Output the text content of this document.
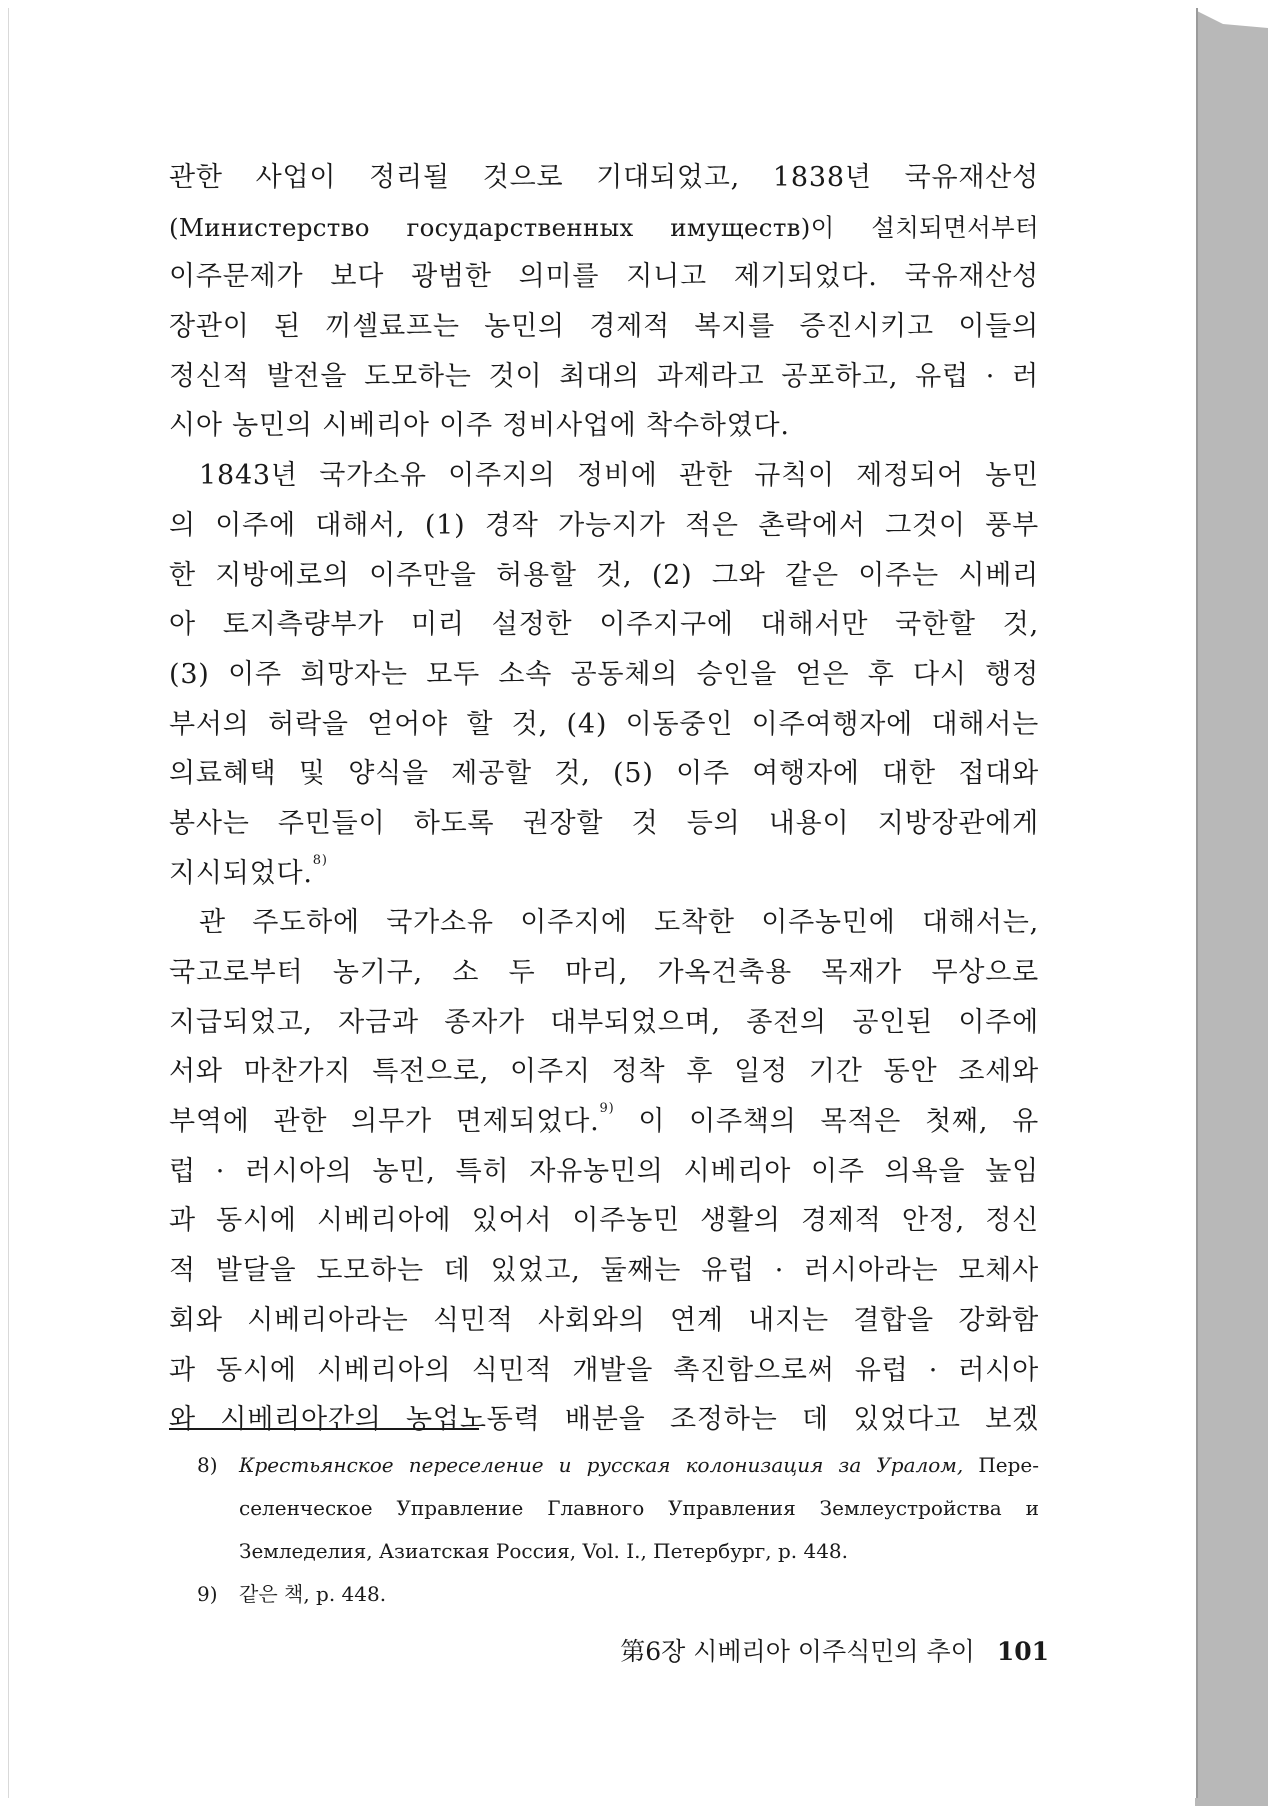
관한 사업이 정리될 것으로 기대되었고, 1838년 국유재산성
(Министерство государственных имуществ)이 설치되면서부터
이주문제가 보다 광범한 의미를 지니고 제기되었다. 국유재산성
장관이 된 끼셀료프는 농민의 경제적 복지를 증진시키고 이들의
정신적 발전을 도모하는 것이 최대의 과제라고 공포하고, 유럽 · 러
시아 농민의 시베리아 이주 정비사업에 착수하였다.
1843년 국가소유 이주지의 정비에 관한 규칙이 제정되어 농민
의 이주에 대해서, (1) 경작 가능지가 적은 촌락에서 그것이 풍부
한 지방에로의 이주만을 허용할 것, (2) 그와 같은 이주는 시베리
아 토지측량부가 미리 설정한 이주지구에 대해서만 국한할 것,
(3) 이주 희망자는 모두 소속 공동체의 승인을 얻은 후 다시 행정
부서의 허락을 얻어야 할 것, (4) 이동중인 이주여행자에 대해서는
의료혜택 및 양식을 제공할 것, (5) 이주 여행자에 대한 접대와
봉사는 주민들이 하도록 권장할 것 등의 내용이 지방장관에게
지시되었다.$^{8)}$
관 주도하에 국가소유 이주지에 도착한 이주농민에 대해서는,
국고로부터 농기구, 소 두 마리, 가옥건축용 목재가 무상으로
지급되었고, 자금과 종자가 대부되었으며, 종전의 공인된 이주에
서와 마찬가지 특전으로, 이주지 정착 후 일정 기간 동안 조세와
부역에 관한 의무가 면제되었다.$^{9)}$ 이 이주책의 목적은 첫째, 유
럽 · 러시아의 농민, 특히 자유농민의 시베리아 이주 의욕을 높임
과 동시에 시베리아에 있어서 이주농민 생활의 경제적 안정, 정신
적 발달을 도모하는 데 있었고, 둘째는 유럽 · 러시아라는 모체사
회와 시베리아라는 식민적 사회와의 연계 내지는 결합을 강화함
과 동시에 시베리아의 식민적 개발을 촉진함으로써 유럽 · 러시아
와 시베리아간의 농업노동력 배분을 조정하는 데 있었다고 보겠
8) Крестьянское переселение и русская колонизация за Уралом, Пере-
селенческое Управление Главного Управления Землеустройства и
Земледелия, Азиатская Россия, Vol. Ⅰ., Петербург, p. 448.
9) 같은 책, p. 448.
第6장 시베리아 이주식민의 추이 101
